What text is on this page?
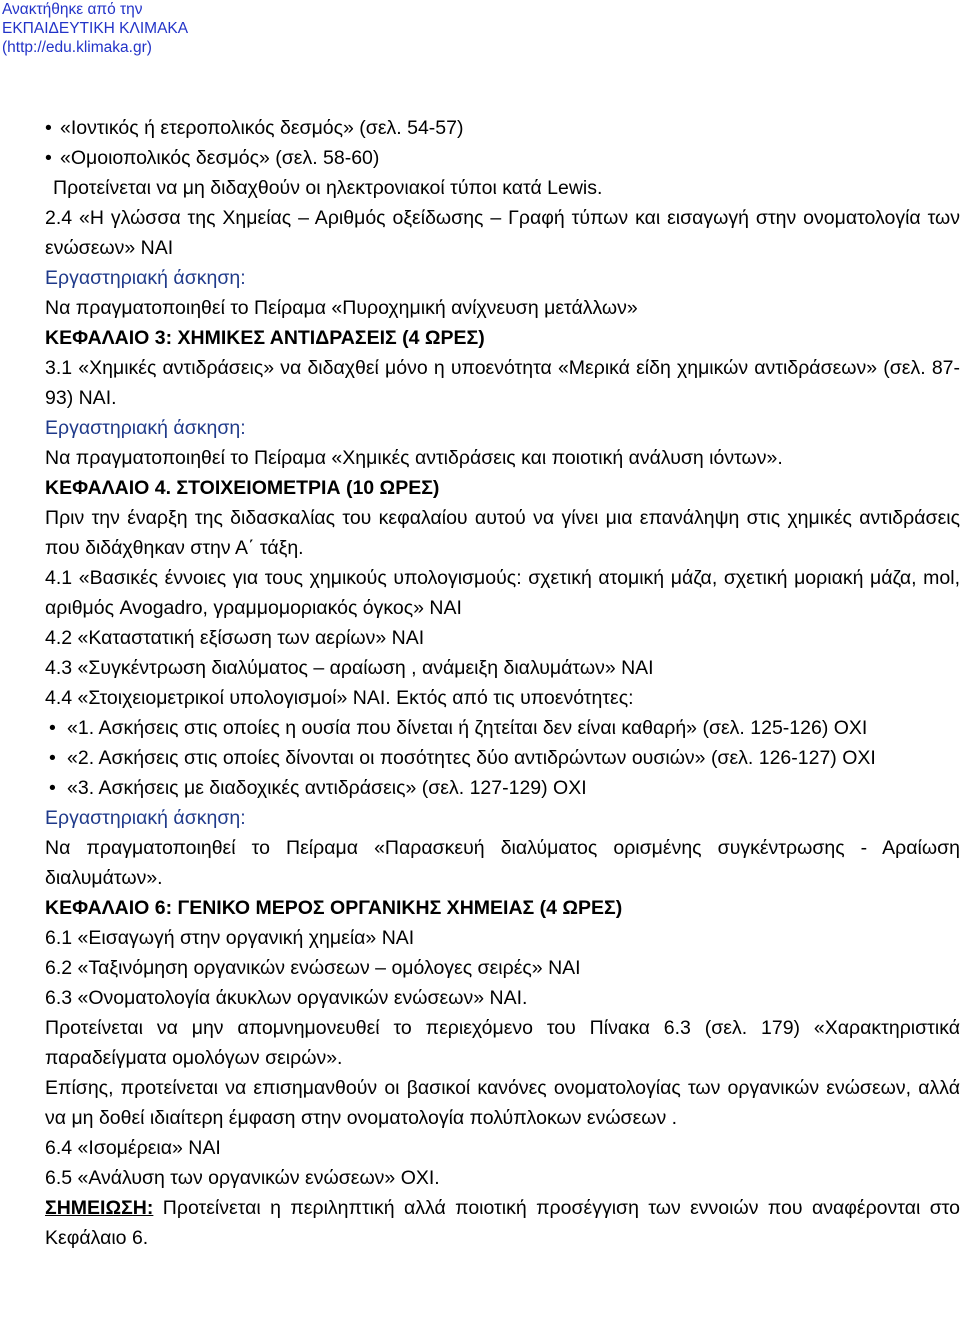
Ανακτήθηκε από την
ΕΚΠΑΙΔΕΥΤΙΚΗ ΚΛΙΜΑΚΑ
(http://edu.klimaka.gr)

• «Ιοντικός ή ετεροπολικός δεσμός» (σελ. 54-57)

• «Ομοιοπολικός δεσμός» (σελ. 58-60)

Προτείνεται να μη διδαχθούν οι ηλεκτρονιακοί τύποι κατά Lewis.

2.4 «Η γλώσσα της Χημείας – Αριθμός οξείδωσης – Γραφή τύπων και εισαγωγή στην ονοματολογία των ενώσεων» ΝΑΙ

Εργαστηριακή άσκηση:

Να πραγματοποιηθεί το Πείραμα «Πυροχημική ανίχνευση μετάλλων»

ΚΕΦΑΛΑΙΟ 3: ΧΗΜΙΚΕΣ ΑΝΤΙΔΡΑΣΕΙΣ (4 ΩΡΕΣ)

3.1 «Χημικές αντιδράσεις» να διδαχθεί μόνο η υποενότητα «Μερικά είδη χημικών αντιδράσεων» (σελ. 87- 93) ΝΑΙ.

Εργαστηριακή άσκηση:

Να πραγματοποιηθεί το Πείραμα «Χημικές αντιδράσεις και ποιοτική ανάλυση ιόντων».

ΚΕΦΑΛΑΙΟ 4. ΣΤΟΙΧΕΙΟΜΕΤΡΙΑ (10 ΩΡΕΣ)

Πριν την έναρξη της διδασκαλίας του κεφαλαίου αυτού να γίνει μια επανάληψη στις χημικές αντιδράσεις που διδάχθηκαν στην Α΄ τάξη.

4.1 «Βασικές έννοιες για τους χημικούς υπολογισμούς: σχετική ατομική μάζα, σχετική μοριακή μάζα, mol, αριθμός Avogadro, γραμμομοριακός όγκος» ΝΑΙ

4.2 «Καταστατική εξίσωση των αερίων» ΝΑΙ

4.3 «Συγκέντρωση διαλύματος – αραίωση , ανάμειξη διαλυμάτων» ΝΑΙ

4.4 «Στοιχειομετρικοί υπολογισμοί» ΝΑΙ. Εκτός από τις υποενότητες:

• «1. Ασκήσεις στις οποίες η ουσία που δίνεται ή ζητείται δεν είναι καθαρή» (σελ. 125-126) ΟΧΙ

• «2. Ασκήσεις στις οποίες δίνονται οι ποσότητες δύο αντιδρώντων ουσιών» (σελ. 126-127) ΟΧΙ

• «3. Ασκήσεις με διαδοχικές αντιδράσεις» (σελ. 127-129) ΟΧΙ

Εργαστηριακή άσκηση:

Να πραγματοποιηθεί το Πείραμα «Παρασκευή διαλύματος ορισμένης συγκέντρωσης - Αραίωση διαλυμάτων».

ΚΕΦΑΛΑΙΟ 6: ΓΕΝΙΚΟ ΜΕΡΟΣ ΟΡΓΑΝΙΚΗΣ ΧΗΜΕΙΑΣ (4 ΩΡΕΣ)

6.1 «Εισαγωγή στην οργανική χημεία» ΝΑΙ

6.2 «Ταξινόμηση οργανικών ενώσεων – ομόλογες σειρές» ΝΑΙ

6.3 «Ονοματολογία άκυκλων οργανικών ενώσεων» ΝΑΙ.

Προτείνεται να μην απομνημονευθεί το περιεχόμενο του Πίνακα 6.3 (σελ. 179) «Χαρακτηριστικά παραδείγματα ομολόγων σειρών».

Επίσης, προτείνεται να επισημανθούν οι βασικοί κανόνες ονοματολογίας των οργανικών ενώσεων, αλλά να μη δοθεί ιδιαίτερη έμφαση στην ονοματολογία πολύπλοκων ενώσεων .

6.4 «Ισομέρεια» ΝΑΙ

6.5 «Ανάλυση των οργανικών ενώσεων» ΟΧΙ.

ΣΗΜΕΙΩΣΗ: Προτείνεται η περιληπτική αλλά ποιοτική προσέγγιση των εννοιών που αναφέρονται στο Κεφάλαιο 6.
